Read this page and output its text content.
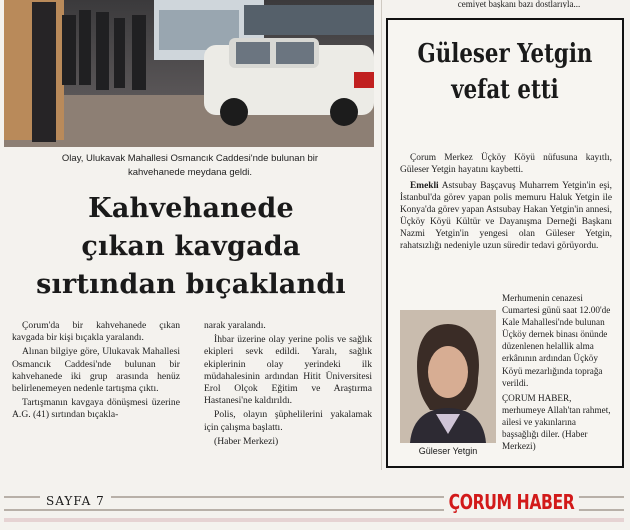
cemiyet başkanı bazı dostlarıyla...
Olay, Ulukavak Mahallesi Osmancık Caddesi'nde bulunan bir kahvehanede meydana geldi.
Kahvehanede
çıkan kavgada
sırtından bıçaklandı

Çorum'da bir kahvehanede çıkan kavgada bir kişi bıçakla yaralandı.

Alınan bilgiye göre, Ulukavak Mahallesi Osmancık Caddesi'nde bulunan bir kahvehanede iki grup arasında henüz belirlenemeyen nedenle tartışma çıktı.

Tartışmanın kavgaya dönüşmesi üzerine A.G. (41) sırtından bıçakla-

narak yaralandı.

İhbar üzerine olay yerine polis ve sağlık ekipleri sevk edildi. Yaralı, sağlık ekiplerinin olay yerindeki ilk müdahalesinin ardından Hitit Üniversitesi Erol Olçok Eğitim ve Araştırma Hastanesi'ne kaldırıldı.

Polis, olayın şüphelilerini yakalamak için çalışma başlattı.

(Haber Merkezi)

Güleser Yetgin
vefat etti

Çorum Merkez Üçköy Köyü nüfusuna kayıtlı, Güleser Yetgin hayatını kaybetti.

Emekli Astsubay Başçavuş Muharrem Yetgin'in eşi, İstanbul'da görev yapan polis memuru Haluk Yetgin ile Konya'da görev yapan Astsubay Hakan Yetgin'in annesi, Üçköy Köyü Kültür ve Dayanışma Derneği Başkanı Nazmi Yetgin'in yengesi olan Güleser Yetgin, rahatsızlığı nedeniyle uzun süredir tedavi görüyordu.

Güleser Yetgin

Merhumenin cenazesi Cumartesi günü saat 12.00'de Kale Mahallesi'nde bulunan Üçköy dernek binası önünde düzenlenen helallik alma erkânının ardından Üçköy Köyü mezarlığında toprağa verildi.

ÇORUM HABER, merhumeye Allah'tan rahmet, ailesi ve yakınlarına başsağlığı diler. (Haber Merkezi)

SAYFA 7	ÇORUM HABER
